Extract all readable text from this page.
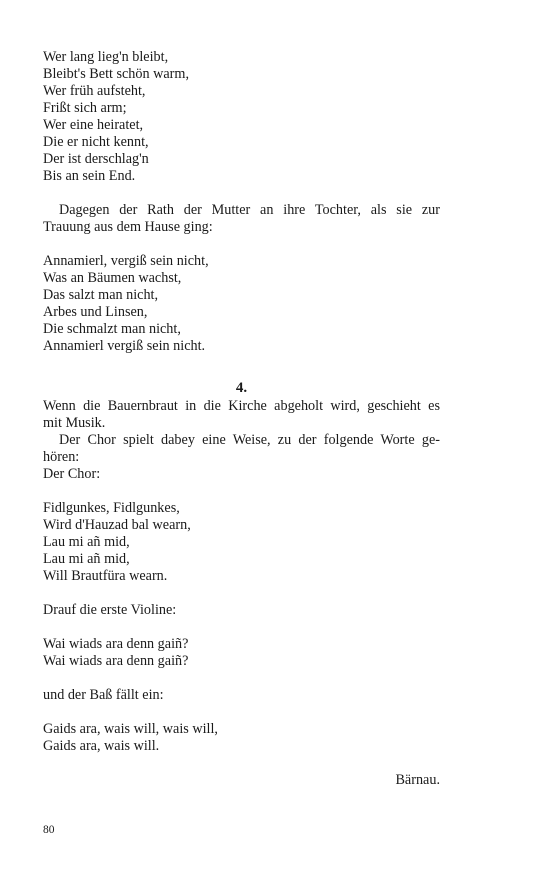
Wer lang lieg'n bleibt,
Bleibt's Bett schön warm,
Wer früh aufsteht,
Frißt sich arm;
Wer eine heiratet,
Die er nicht kennt,
Der ist derschlag'n
Bis an sein End.
Dagegen der Rath der Mutter an ihre Tochter, als sie zur
Trauung aus dem Hause ging:
Annamierl, vergiß sein nicht,
Was an Bäumen wachst,
Das salzt man nicht,
Arbes und Linsen,
Die schmalzt man nicht,
Annamierl vergiß sein nicht.
4.
Wenn die Bauernbraut in die Kirche abgeholt wird, geschieht es
mit Musik.
Der Chor spielt dabey eine Weise, zu der folgende Worte ge-
hören:
Der Chor:
Fidlgunkes, Fidlgunkes,
Wird d'Hauzad bal wearn,
Lau mi añ mid,
Lau mi añ mid,
Will Brautfüra wearn.
Drauf die erste Violine:
Wai wiads ara denn gaiñ?
Wai wiads ara denn gaiñ?
und der Baß fällt ein:
Gaids ara, wais will, wais will,
Gaids ara, wais will.
Bärnau.
80
